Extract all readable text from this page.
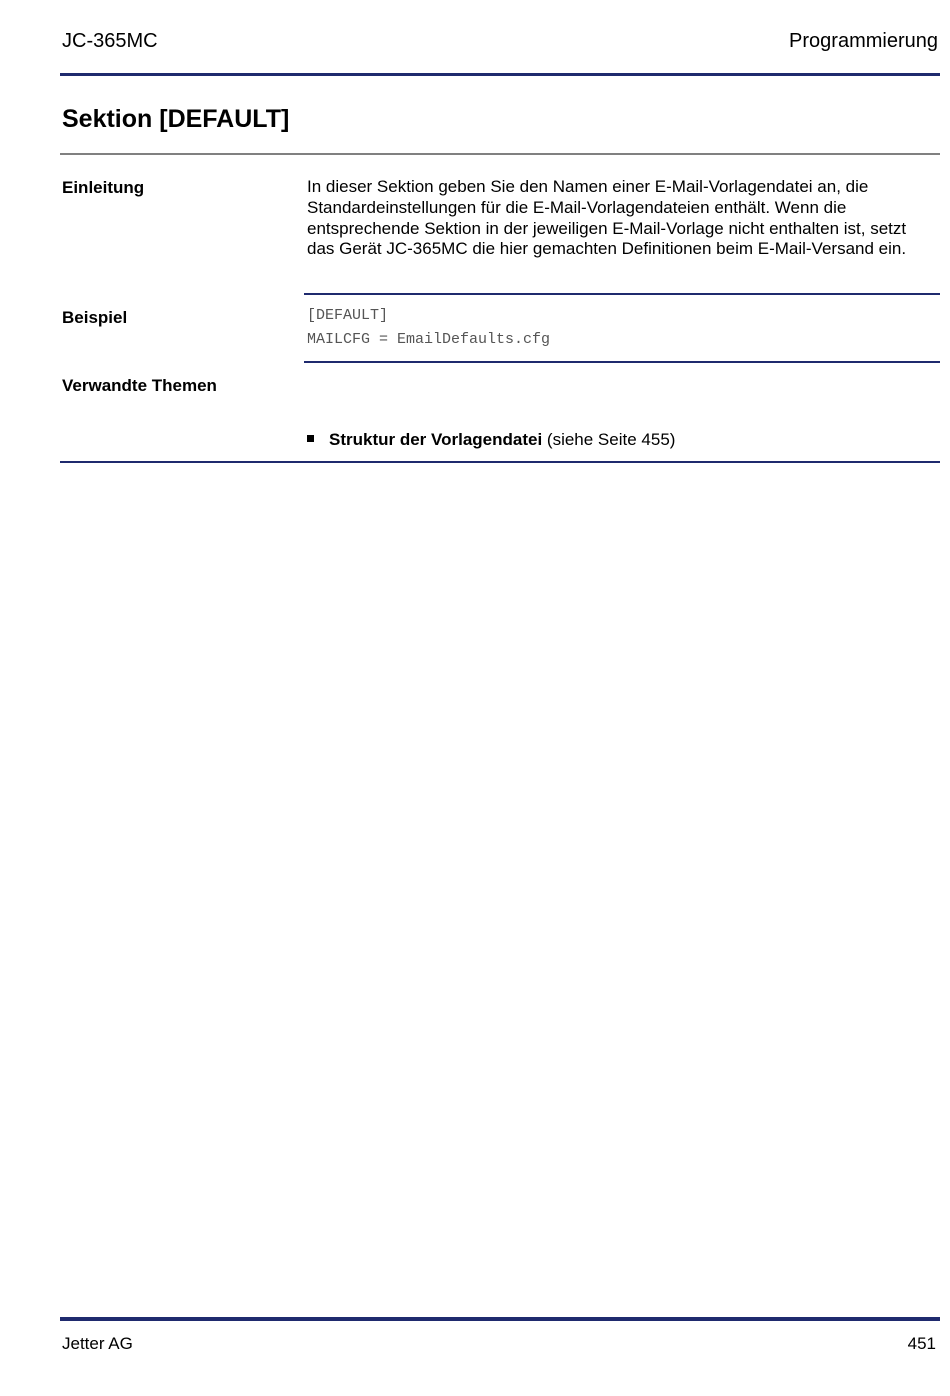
JC-365MC	Programmierung
Sektion [DEFAULT]
Einleitung	In dieser Sektion geben Sie den Namen einer E-Mail-Vorlagendatei an, die Standardeinstellungen für die E-Mail-Vorlagendateien enthält. Wenn die entsprechende Sektion in der jeweiligen E-Mail-Vorlage nicht enthalten ist, setzt das Gerät JC-365MC die hier gemachten Definitionen beim E-Mail-Versand ein.
Beispiel	[DEFAULT]
MAILCFG = EmailDefaults.cfg
Verwandte Themen
Struktur der Vorlagendatei (siehe Seite 455)
Jetter AG	451
